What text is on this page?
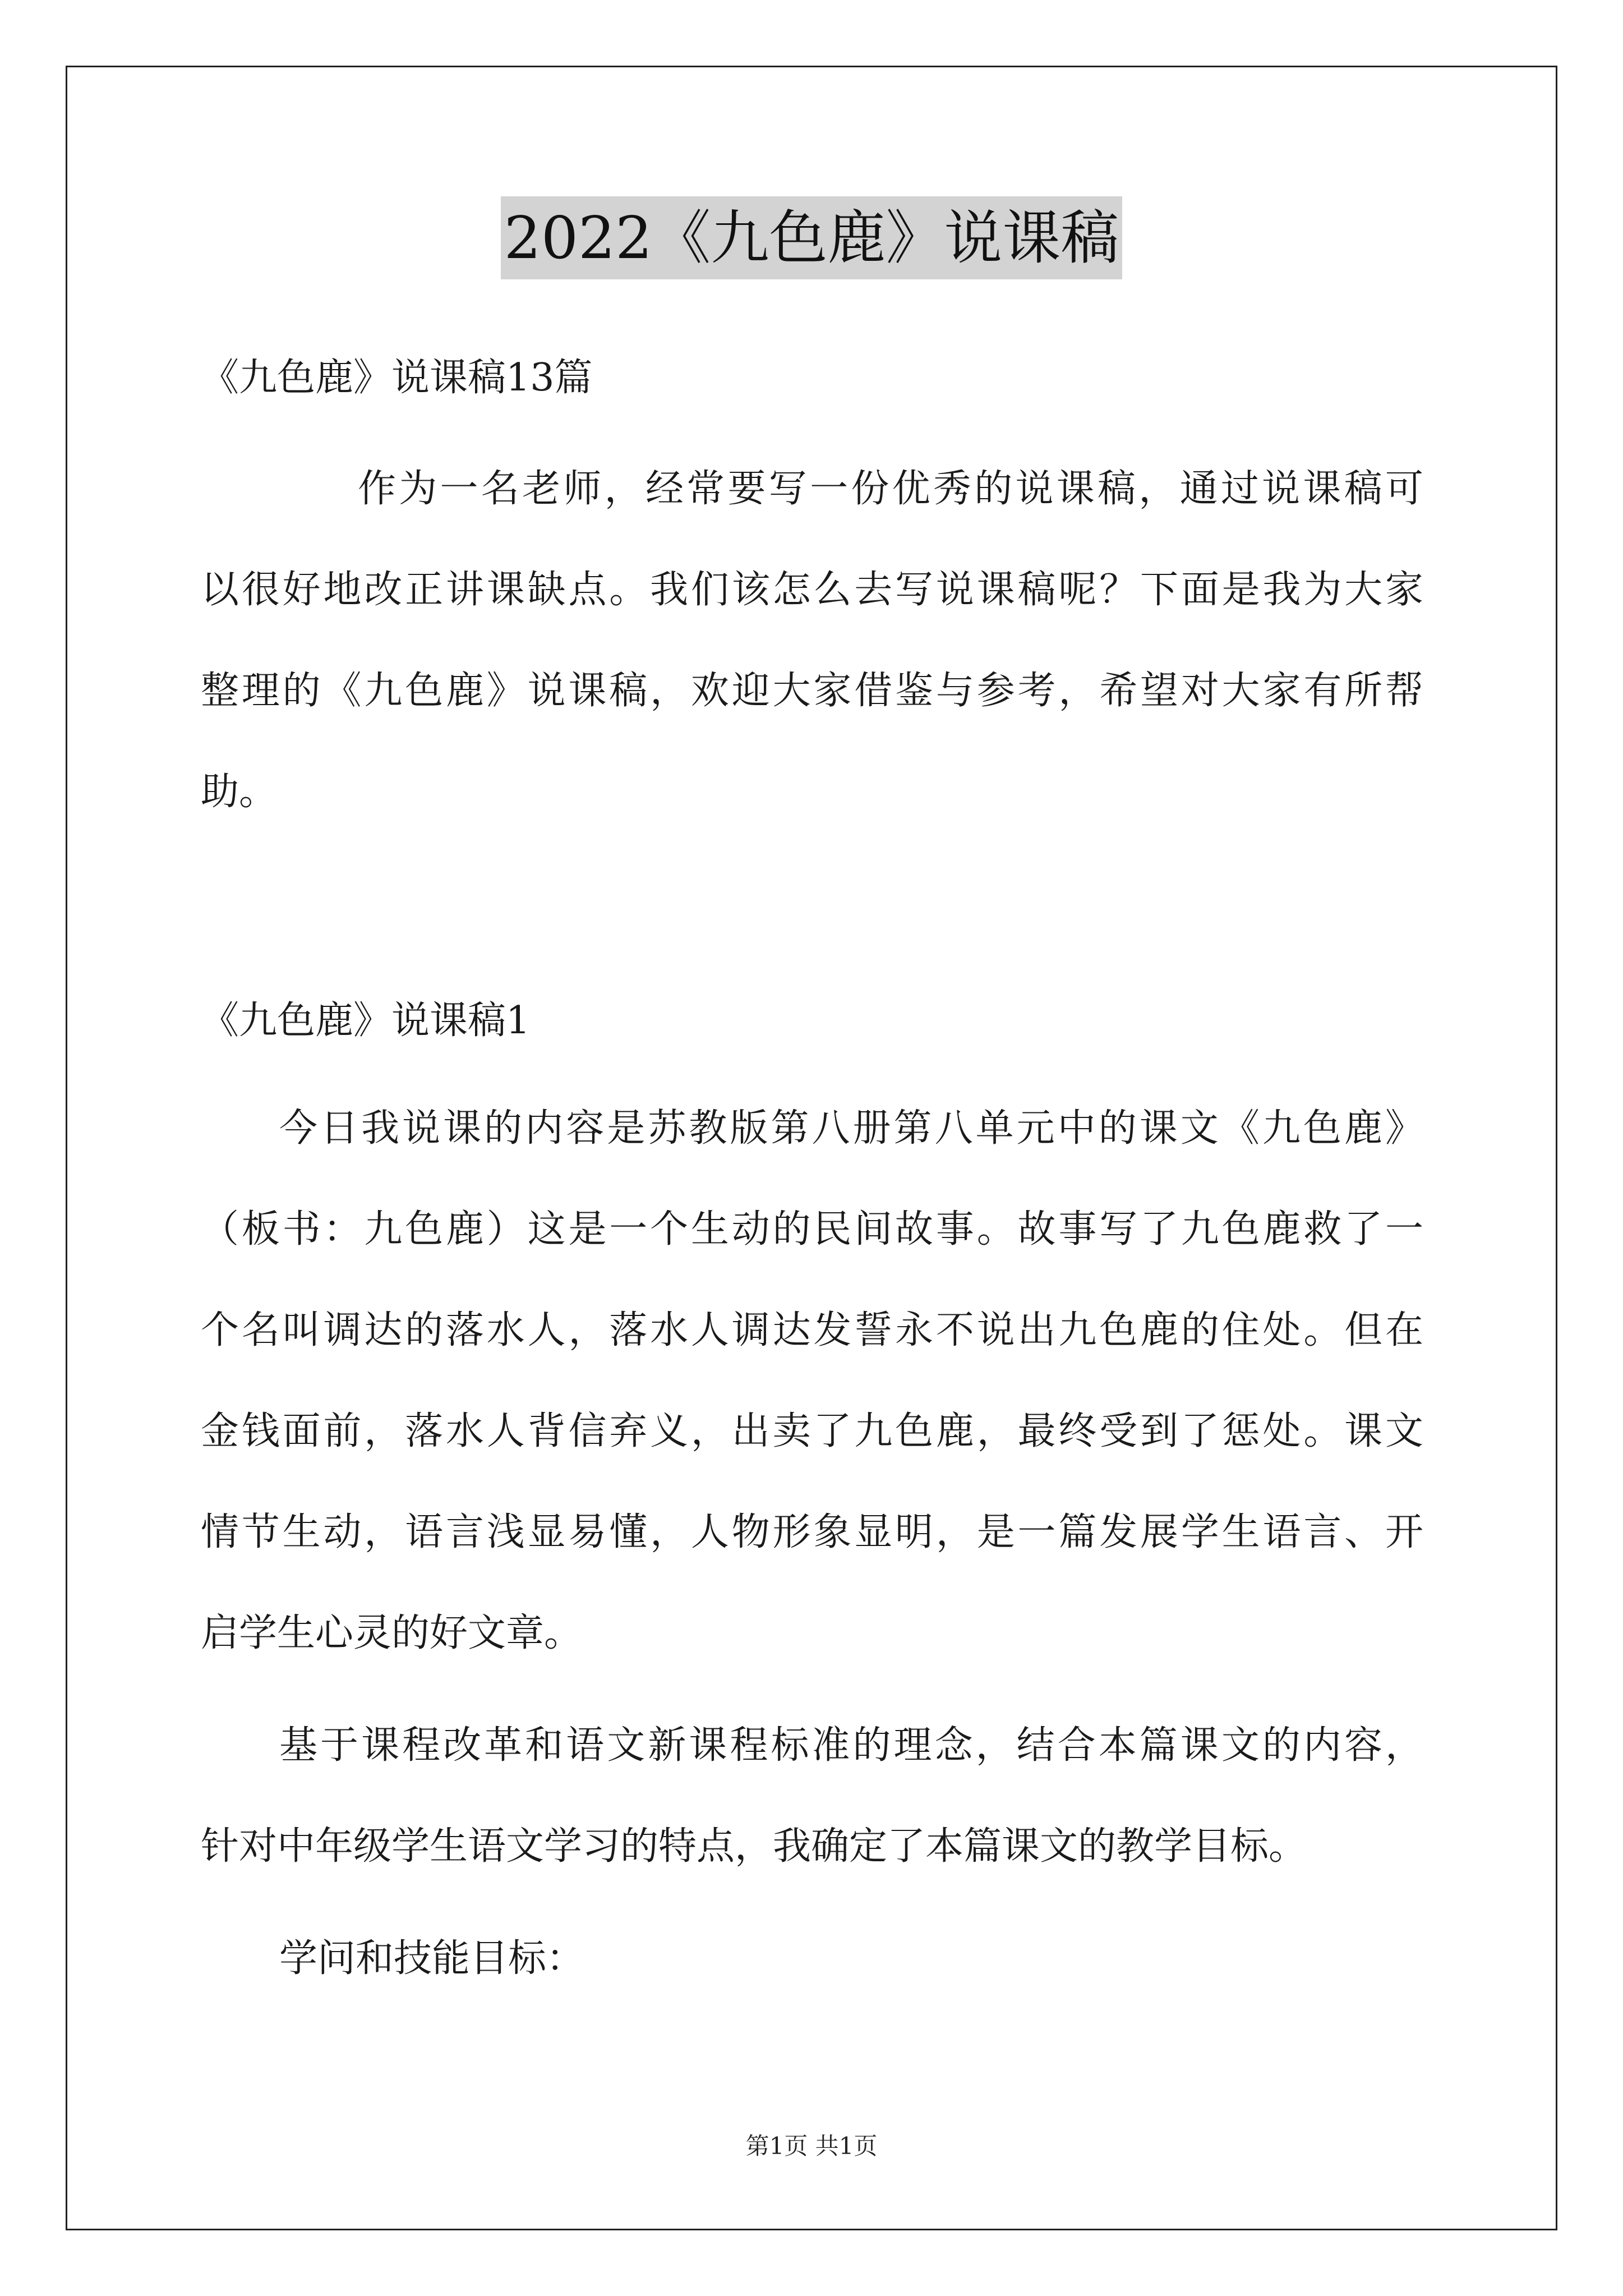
2022《九色鹿》说课稿
《九色鹿》说课稿13篇
作为一名老师，经常要写一份优秀的说课稿，通过说课稿可
以很好地改正讲课缺点。我们该怎么去写说课稿呢？下面是我为大家
整理的《九色鹿》说课稿，欢迎大家借鉴与参考，希望对大家有所帮
助。
《九色鹿》说课稿1
今日我说课的内容是苏教版第八册第八单元中的课文《九色鹿》
（板书：九色鹿）这是一个生动的民间故事。故事写了九色鹿救了一
个名叫调达的落水人，落水人调达发誓永不说出九色鹿的住处。但在
金钱面前，落水人背信弃义，出卖了九色鹿，最终受到了惩处。课文
情节生动，语言浅显易懂，人物形象显明，是一篇发展学生语言、开
启学生心灵的好文章。
基于课程改革和语文新课程标准的理念，结合本篇课文的内容，
针对中年级学生语文学习的特点，我确定了本篇课文的教学目标。
学问和技能目标：
第1页 共1页
